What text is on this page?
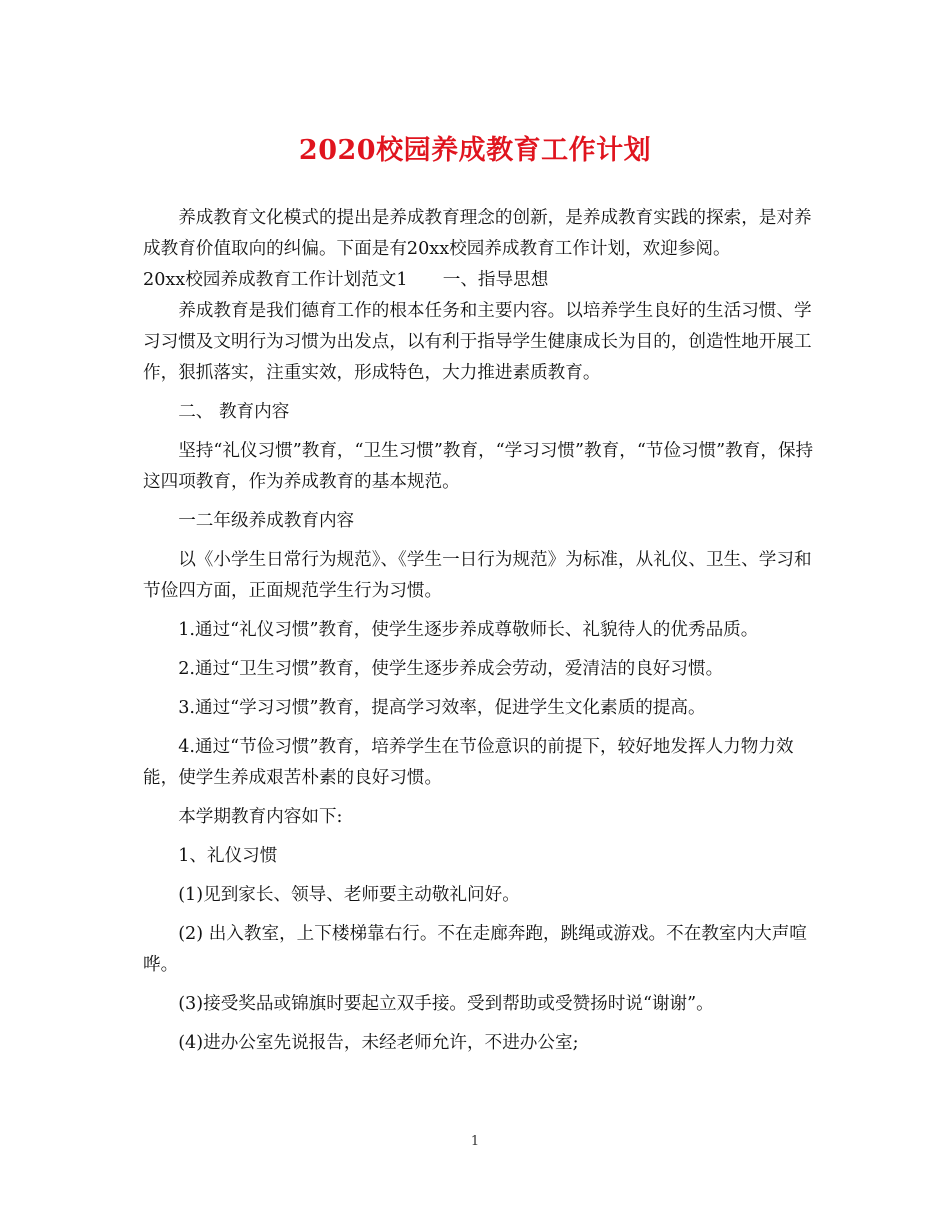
2020校园养成教育工作计划

养成教育文化模式的提出是养成教育理念的创新，是养成教育实践的探索，是对养成教育价值取向的纠偏。下面是有20xx校园养成教育工作计划，欢迎参阅。

20xx校园养成教育工作计划范文1　　一、指导思想

养成教育是我们德育工作的根本任务和主要内容。以培养学生良好的生活习惯、学习习惯及文明行为习惯为出发点，以有利于指导学生健康成长为目的，创造性地开展工作，狠抓落实，注重实效，形成特色，大力推进素质教育。

二、 教育内容

坚持“礼仪习惯”教育，“卫生习惯”教育，“学习习惯”教育，“节俭习惯”教育，保持这四项教育，作为养成教育的基本规范。

一二年级养成教育内容

以《小学生日常行为规范》、《学生一日行为规范》为标准，从礼仪、卫生、学习和节俭四方面，正面规范学生行为习惯。

1.通过“礼仪习惯”教育，使学生逐步养成尊敬师长、礼貌待人的优秀品质。

2.通过“卫生习惯”教育，使学生逐步养成会劳动，爱清洁的良好习惯。

3.通过“学习习惯”教育，提高学习效率，促进学生文化素质的提高。

4.通过“节俭习惯”教育，培养学生在节俭意识的前提下，较好地发挥人力物力效能，使学生养成艰苦朴素的良好习惯。

本学期教育内容如下:

1、礼仪习惯

(1)见到家长、领导、老师要主动敬礼问好。

(2) 出入教室，上下楼梯靠右行。不在走廊奔跑，跳绳或游戏。不在教室内大声喧哗。

(3)接受奖品或锦旗时要起立双手接。受到帮助或受赞扬时说“谢谢”。

(4)进办公室先说报告，未经老师允许，不进办公室;

1
